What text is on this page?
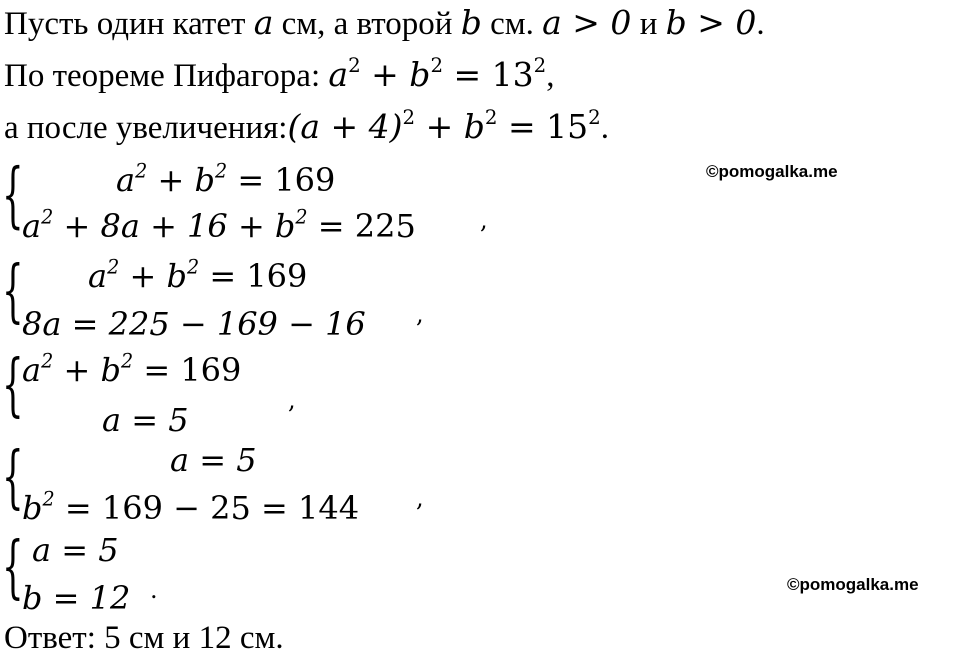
Пусть один катет a см, а второй b см. a > 0 и b > 0.
По теореме Пифагора: $a^2 + b^2 = 13^2$,
а после увеличения:(a + $4)^2 + b^2 = 15^2$.
©pomogalka.me
{	$a^2 + b^2 = 169$
$a^2 + 8a + 16 + b^2 = 225$	,
{ $a^2 + b^2 = 169$
8a = 225 − 169 − 16 ,
{
$a^2 + b^2 = 169$
a = 5
,
{	a = 5
$b^2 = 169 - 25 = 144$ ,
{ a = 5
b = 12 .	©pomogalka.me
Ответ: 5 см и 12 см.
